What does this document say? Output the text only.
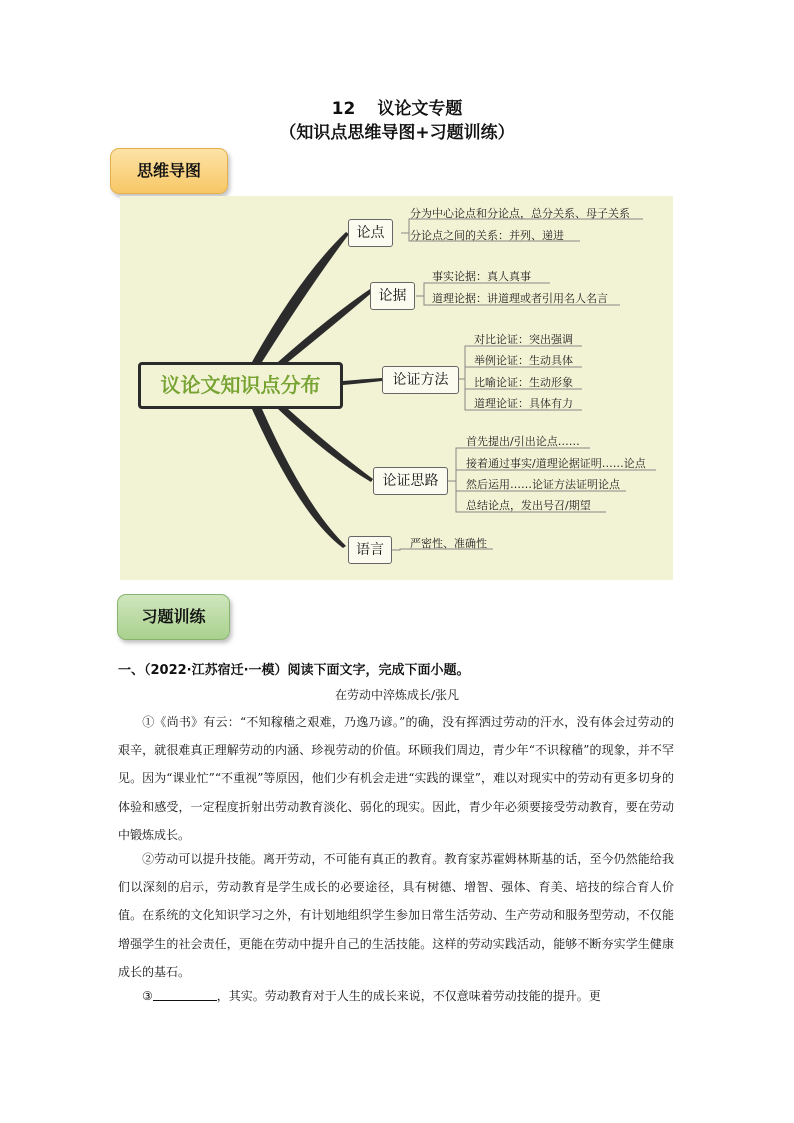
12 议论文专题
（知识点思维导图+习题训练）
思维导图
议论文知识点分布
论点
论据
论证方法
论证思路
语言
分为中心论点和分论点，总分关系、母子关系
分论点之间的关系：并列、递进
事实论据：真人真事
道理论据：讲道理或者引用名人名言
对比论证：突出强调
举例论证：生动具体
比喻论证：生动形象
道理论证：具体有力
首先提出/引出论点……
接着通过事实/道理论据证明……论点
然后运用……论证方法证明论点
总结论点，发出号召/期望
严密性、准确性
习题训练
一、（2022·江苏宿迁·一模）阅读下面文字，完成下面小题。
在劳动中淬炼成长/张凡
①《尚书》有云：“不知稼穑之艰难，乃逸乃谚。”的确，没有挥洒过劳动的汗水，没有体会过劳动的艰辛，就很难真正理解劳动的内涵、珍视劳动的价值。环顾我们周边，青少年“不识稼穑”的现象，并不罕见。因为“课业忙”“不重视”等原因，他们少有机会走进“实践的课堂”，难以对现实中的劳动有更多切身的体验和感受，一定程度折射出劳动教育淡化、弱化的现实。因此，青少年必须要接受劳动教育，要在劳动中锻炼成长。
②劳动可以提升技能。离开劳动，不可能有真正的教育。教育家苏霍姆林斯基的话，至今仍然能给我们以深刻的启示，劳动教育是学生成长的必要途径，具有树德、增智、强体、育美、培技的综合育人价值。在系统的文化知识学习之外，有计划地组织学生参加日常生活劳动、生产劳动和服务型劳动，不仅能增强学生的社会责任，更能在劳动中提升自己的生活技能。这样的劳动实践活动，能够不断夯实学生健康成长的基石。
③	，其实。劳动教育对于人生的成长来说，不仅意味着劳动技能的提升。更
